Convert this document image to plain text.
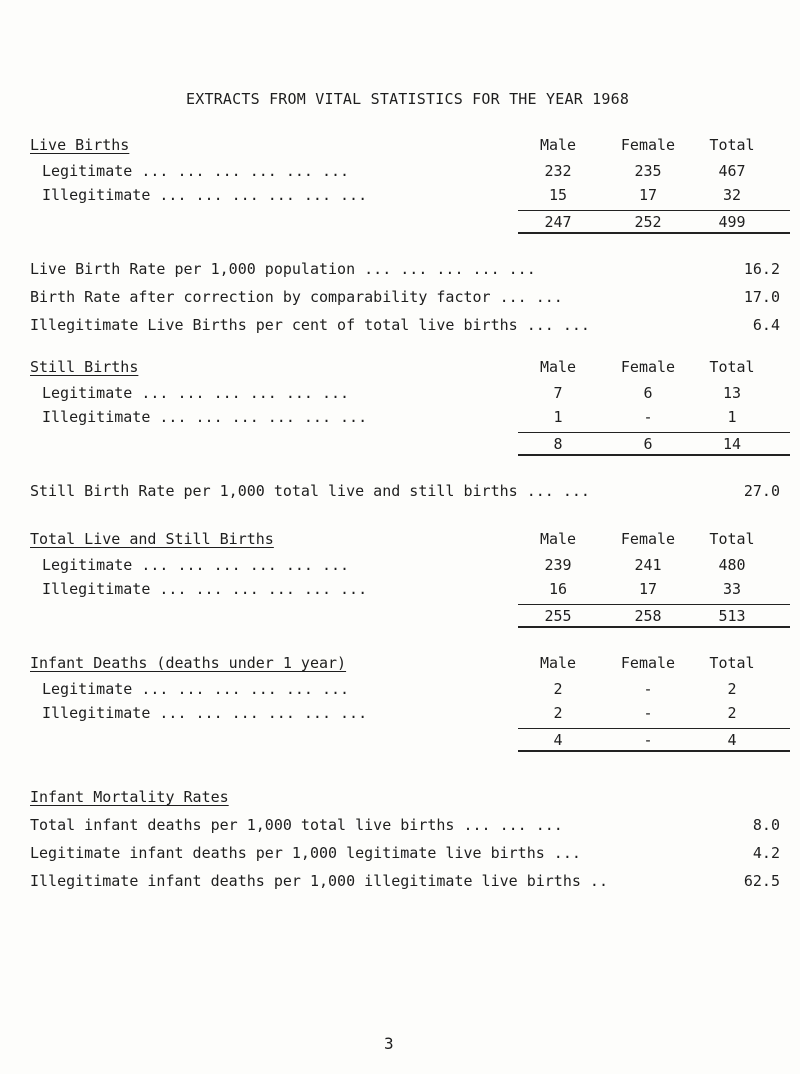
EXTRACTS FROM VITAL STATISTICS FOR THE YEAR 1968
Live Births	Male	Female	Total
Legitimate ... ... ... ... ... ...	232	235	467
Illegitimate ... ... ... ... ... ...	15	17	32
247	252	499
Live Birth Rate per 1,000 population ... ... ... ... ...	16.2
Birth Rate after correction by comparability factor ... ...	17.0
Illegitimate Live Births per cent of total live births ... ...	6.4
Still Births	Male	Female	Total
Legitimate ... ... ... ... ... ...	7	6	13
Illegitimate ... ... ... ... ... ...	1	-	1
8	6	14
Still Birth Rate per 1,000 total live and still births ... ...	27.0
Total Live and Still Births	Male	Female	Total
Legitimate ... ... ... ... ... ...	239	241	480
Illegitimate ... ... ... ... ... ...	16	17	33
255	258	513
Infant Deaths (deaths under 1 year)	Male	Female	Total
Legitimate ... ... ... ... ... ...	2	-	2
Illegitimate ... ... ... ... ... ...	2	-	2
4	-	4
Infant Mortality Rates
Total infant deaths per 1,000 total live births ... ... ...	8.0
Legitimate infant deaths per 1,000 legitimate live births ...	4.2
Illegitimate infant deaths per 1,000 illegitimate live births ..	62.5
3
